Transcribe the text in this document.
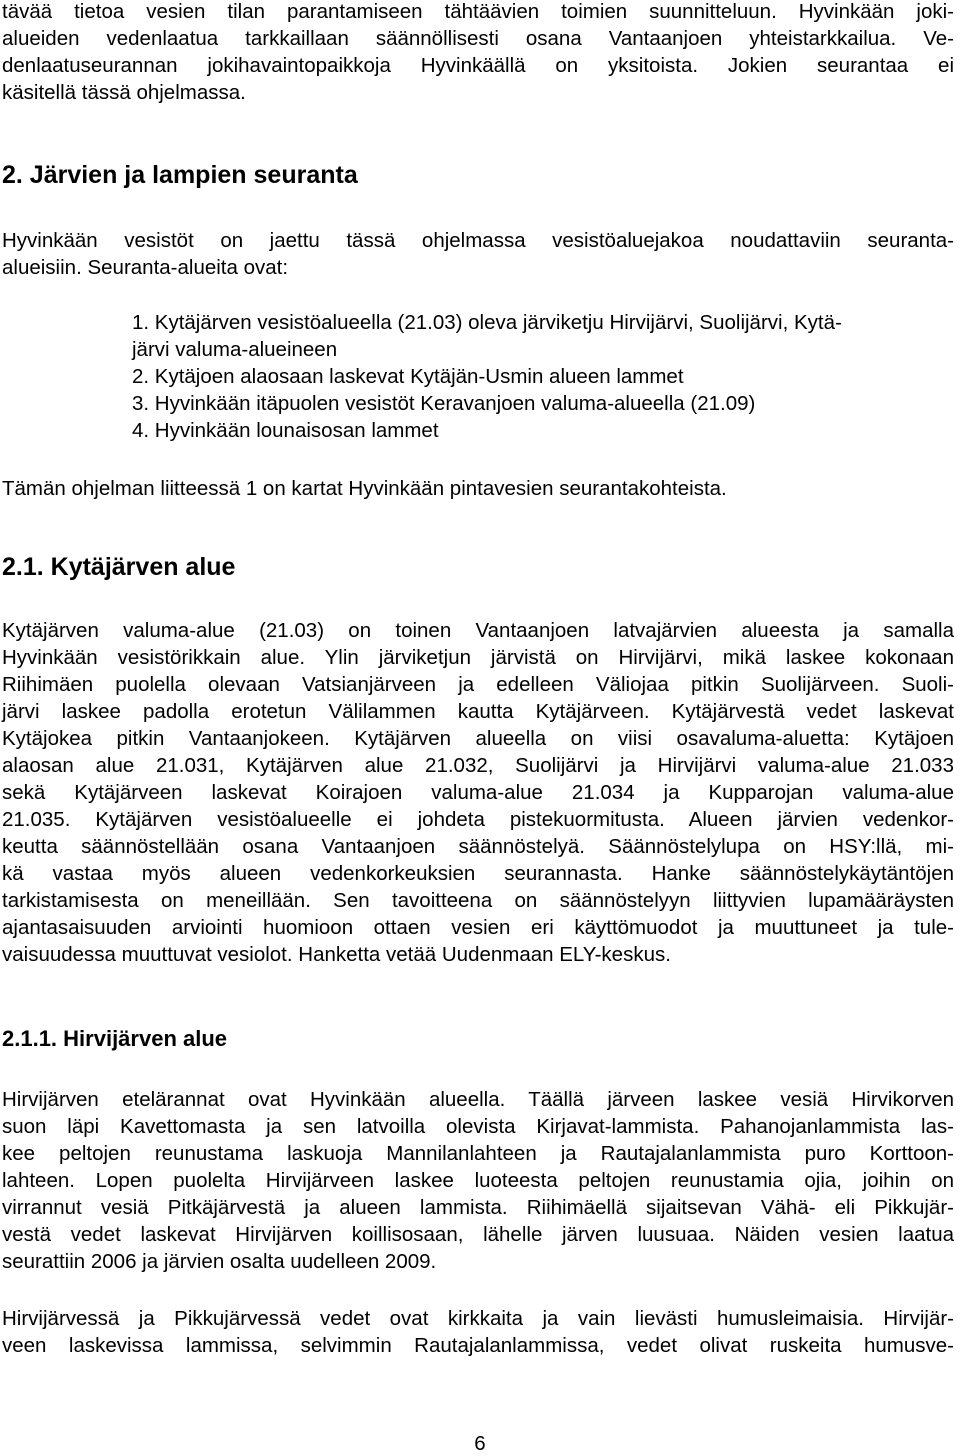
tävää tietoa vesien tilan parantamiseen tähtäävien toimien suunnitteluun. Hyvinkään joki-
alueiden vedenlaatua tarkkaillaan säännöllisesti osana Vantaanjoen yhteistarkkailua. Ve-
denlaatuseurannan jokihavaintopaikkoja Hyvinkäällä on yksitoista. Jokien seurantaa ei
käsitellä tässä ohjelmassa.

2. Järvien ja lampien seuranta

Hyvinkään vesistöt on jaettu tässä ohjelmassa vesistöaluejakoa noudattaviin seuranta-
alueisiin. Seuranta-alueita ovat:

1. Kytäjärven vesistöalueella (21.03) oleva järviketju Hirvijärvi, Suolijärvi, Kytä-
järvi valuma-alueineen
2. Kytäjoen alaosaan laskevat Kytäjän-Usmin alueen lammet
3. Hyvinkään itäpuolen vesistöt Keravanjoen valuma-alueella (21.09)
4. Hyvinkään lounaisosan lammet

Tämän ohjelman liitteessä 1 on kartat Hyvinkään pintavesien seurantakohteista.

2.1. Kytäjärven alue

Kytäjärven valuma-alue (21.03) on toinen Vantaanjoen latvajärvien alueesta ja samalla
Hyvinkään vesistörikkain alue. Ylin järviketjun järvistä on Hirvijärvi, mikä laskee kokonaan
Riihimäen puolella olevaan Vatsianjärveen ja edelleen Väliojaa pitkin Suolijärveen. Suoli-
järvi laskee padolla erotetun Välilammen kautta Kytäjärveen. Kytäjärvestä vedet laskevat
Kytäjokea pitkin Vantaanjokeen. Kytäjärven alueella on viisi osavaluma-aluetta: Kytäjoen
alaosan alue 21.031, Kytäjärven alue 21.032, Suolijärvi ja Hirvijärvi valuma-alue 21.033
sekä Kytäjärveen laskevat Koirajoen valuma-alue 21.034 ja Kupparojan valuma-alue
21.035. Kytäjärven vesistöalueelle ei johdeta pistekuormitusta. Alueen järvien vedenkor-
keutta säännöstellään osana Vantaanjoen säännöstelyä. Säännöstelylupa on HSY:llä, mi-
kä vastaa myös alueen vedenkorkeuksien seurannasta. Hanke säännöstelykäytäntöjen
tarkistamisesta on meneillään. Sen tavoitteena on säännöstelyyn liittyvien lupamääräysten
ajantasaisuuden arviointi huomioon ottaen vesien eri käyttömuodot ja muuttuneet ja tule-
vaisuudessa muuttuvat vesiolot. Hanketta vetää Uudenmaan ELY-keskus.

2.1.1. Hirvijärven alue

Hirvijärven etelärannat ovat Hyvinkään alueella. Täällä järveen laskee vesiä Hirvikorven
suon läpi Kavettomasta ja sen latvoilla olevista Kirjavat-lammista. Pahanojanlammista las-
kee peltojen reunustama laskuoja Mannilanlahteen ja Rautajalanlammista puro Korttoon-
lahteen. Lopen puolelta Hirvijärveen laskee luoteesta peltojen reunustamia ojia, joihin on
virrannut vesiä Pitkäjärvestä ja alueen lammista. Riihimäellä sijaitsevan Vähä- eli Pikkujär-
vestä vedet laskevat Hirvijärven koillisosaan, lähelle järven luusuaa. Näiden vesien laatua
seurattiin 2006 ja järvien osalta uudelleen 2009.

Hirvijärvessä ja Pikkujärvessä vedet ovat kirkkaita ja vain lievästi humusleimaisia. Hirvijär-
veen laskevissa lammissa, selvimmin Rautajalanlammissa, vedet olivat ruskeita humusve-

6
